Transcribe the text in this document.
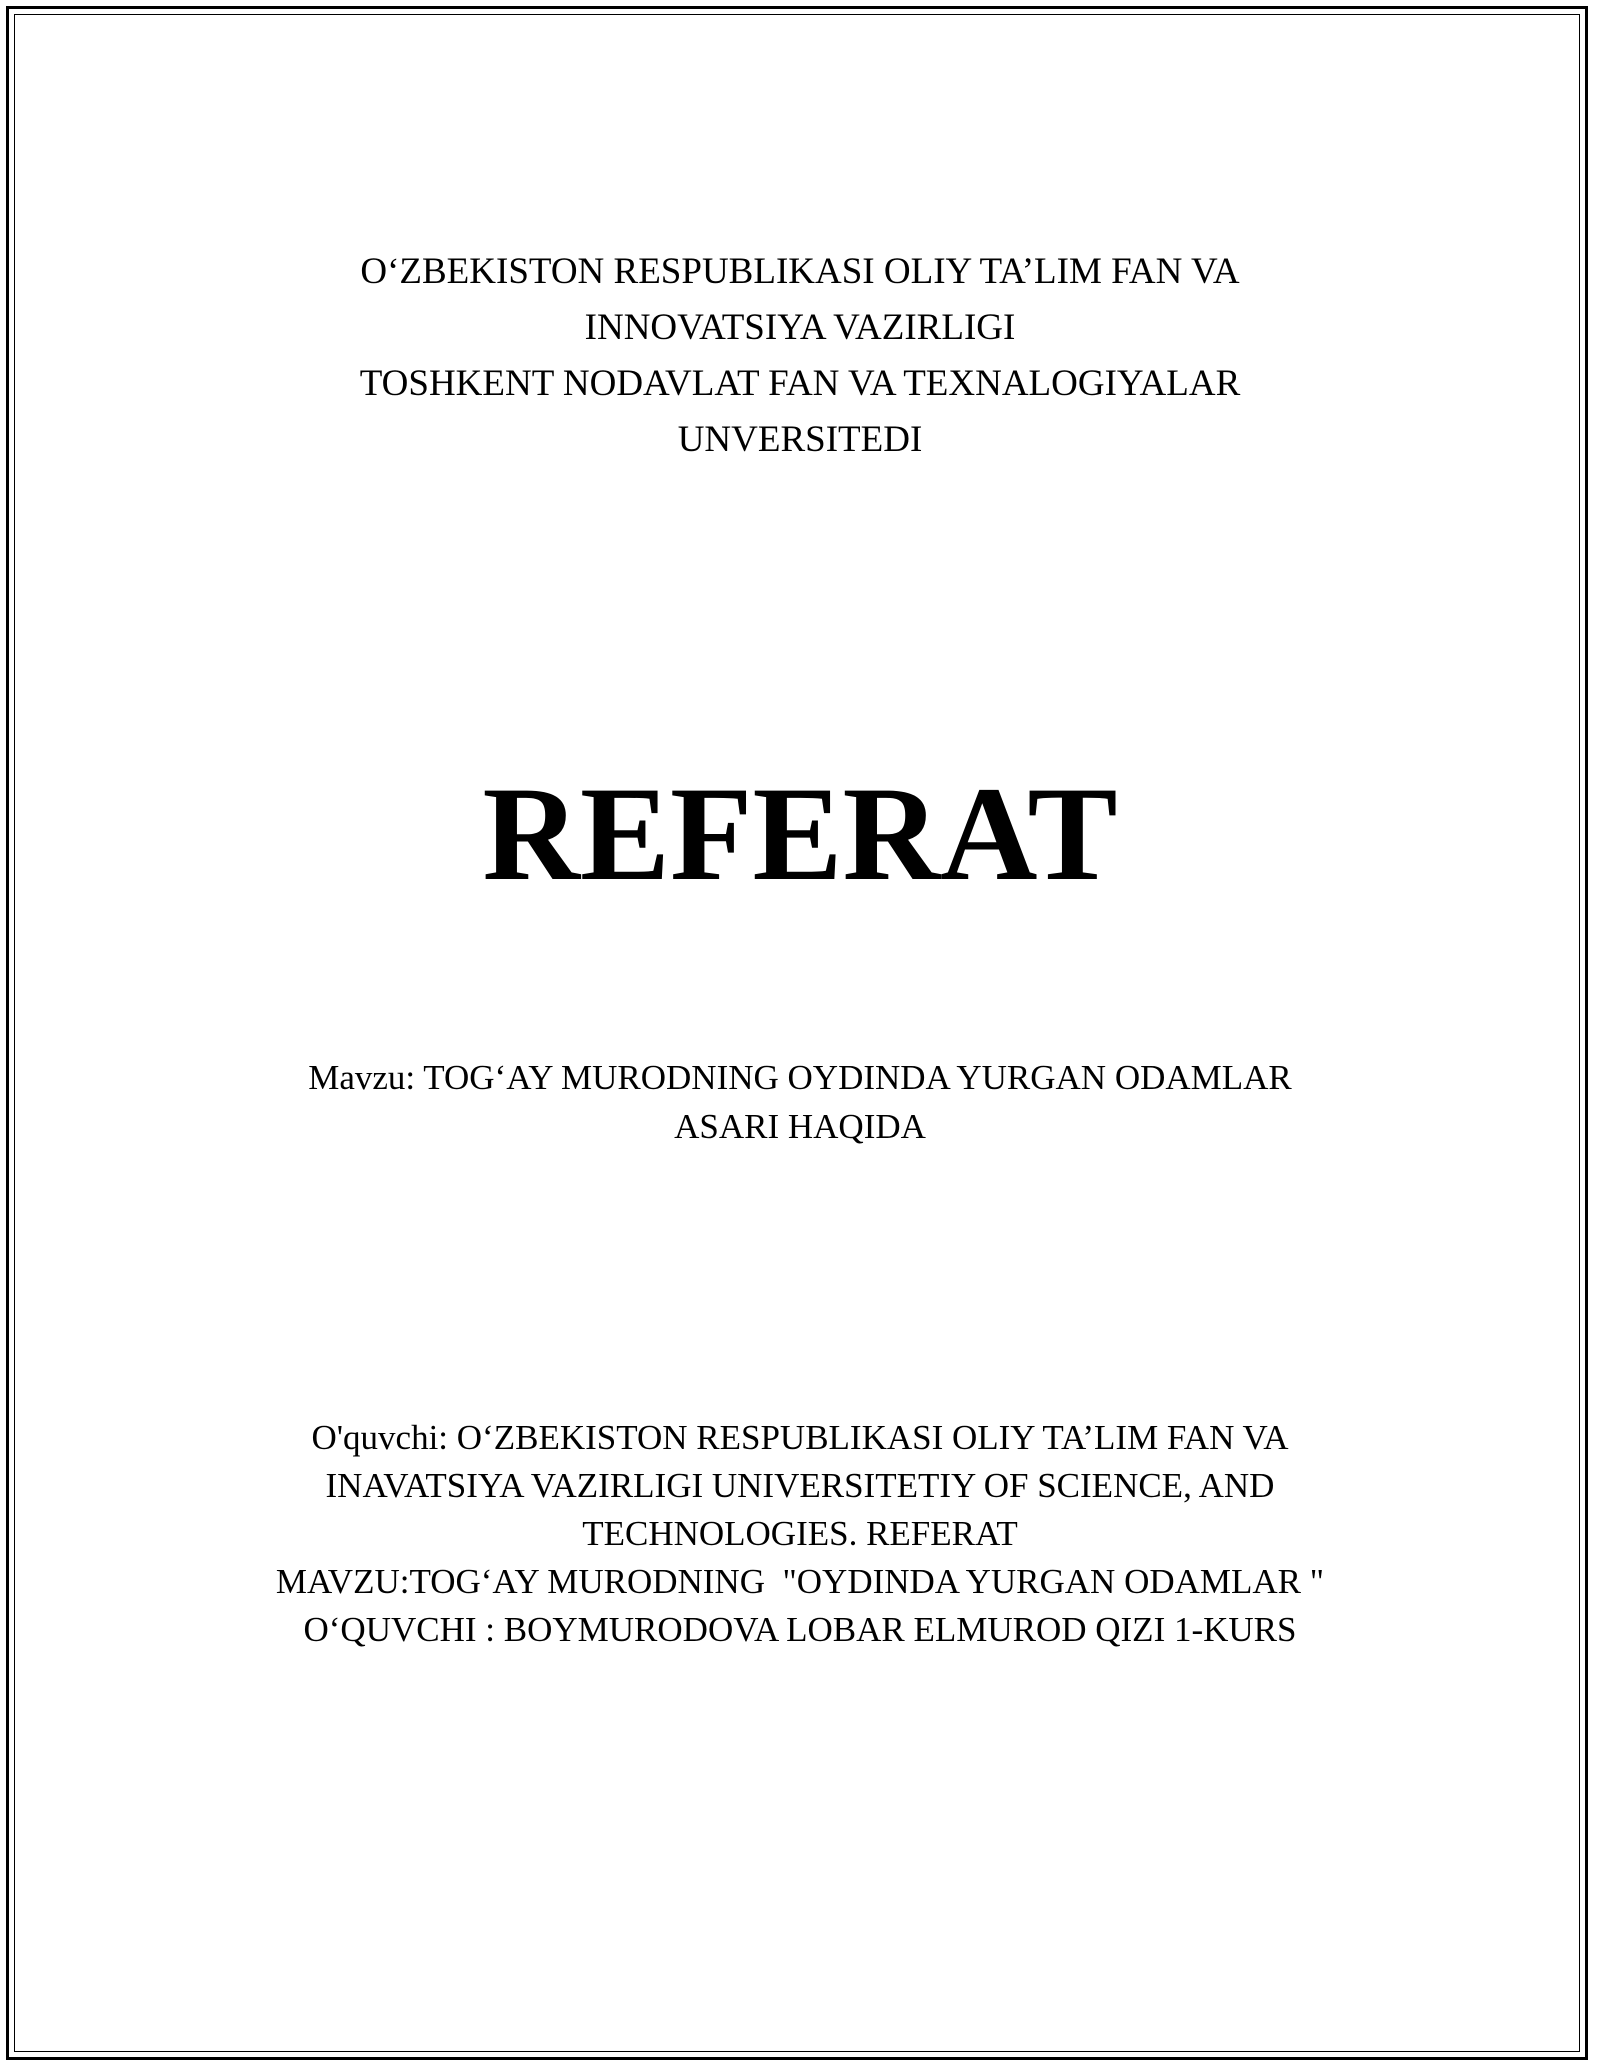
O‘ZBEKISTON RESPUBLIKASI OLIY TA’LIM FAN VA
INNOVATSIYA VAZIRLIGI
TOSHKENT NODAVLAT FAN VA TEXNALOGIYALAR
UNVERSITEDI
REFERAT
Mavzu: TOG‘AY MURODNING OYDINDA YURGAN ODAMLAR
ASARI HAQIDA
O'quvchi: O‘ZBEKISTON RESPUBLIKASI OLIY TA’LIM FAN VA
INAVATSIYA VAZIRLIGI UNIVERSITETIY OF SCIENCE, AND
TECHNOLOGIES. REFERAT
MAVZU:TOG‘AY MURODNING  "OYDINDA YURGAN ODAMLAR "
O‘QUVCHI : BOYMURODOVA LOBAR ELMUROD QIZI 1-KURS
